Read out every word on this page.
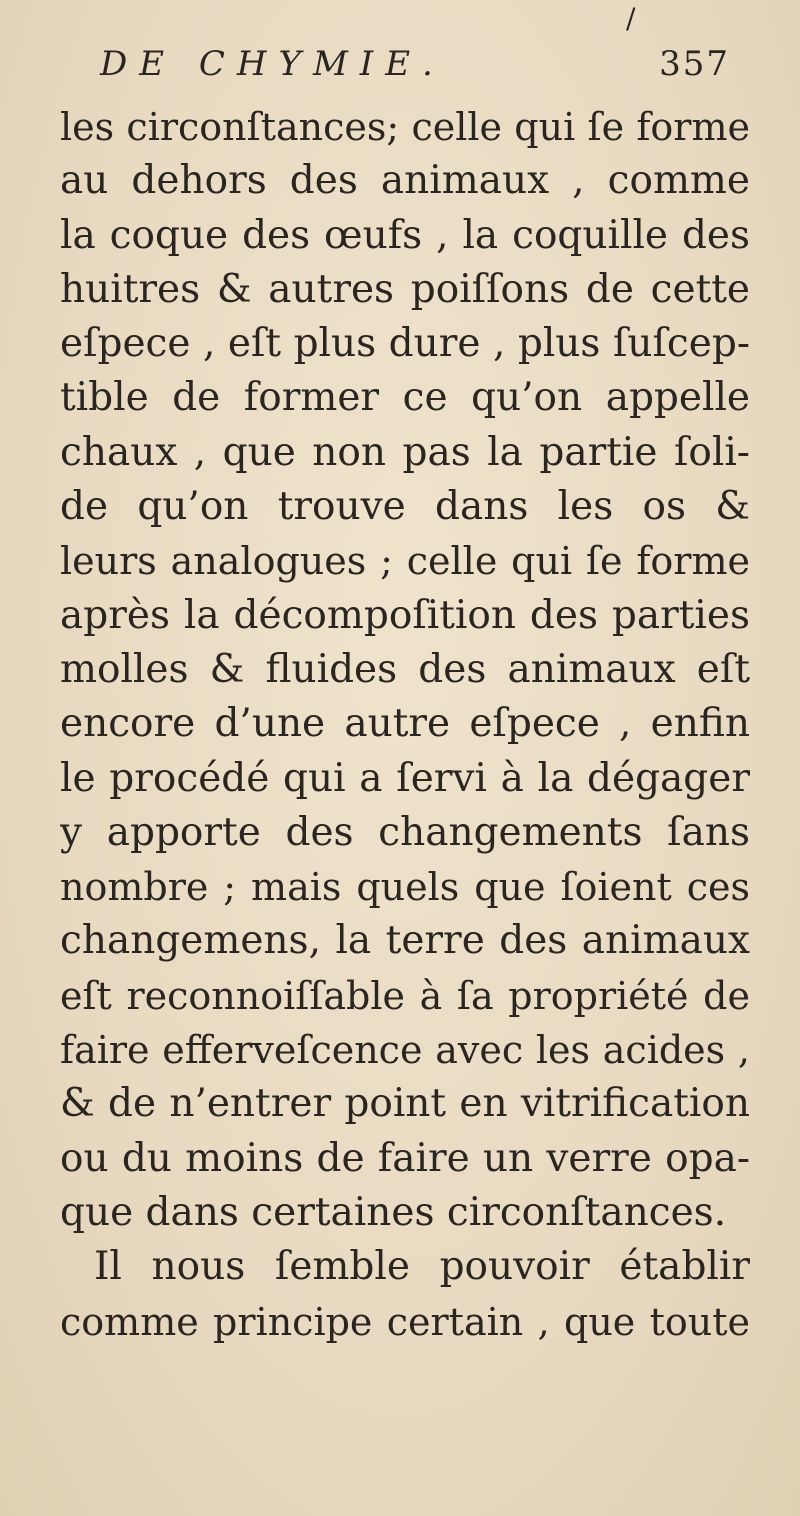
/
DE CHYMIE.	357
les circonſtances; celle qui ſe forme
au dehors des animaux , comme
la coque des œufs , la coquille des
huitres & autres poiſſons de cette
eſpece , eſt plus dure , plus ſuſcep-
tible de former ce qu’on appelle
chaux , que non pas la partie ſoli-
de qu’on trouve dans les os &
leurs analogues ; celle qui ſe forme
après la décompoſition des parties
molles & fluides des animaux eſt
encore d’une autre eſpece , enfin
le procédé qui a ſervi à la dégager
y apporte des changements ſans
nombre ; mais quels que ſoient ces
changemens, la terre des animaux
eſt reconnoiſſable à ſa propriété de
faire efferveſcence avec les acides ,
& de n’entrer point en vitrification
ou du moins de faire un verre opa-
que dans certaines circonſtances.
Il nous ſemble pouvoir établir
comme principe certain , que toute
